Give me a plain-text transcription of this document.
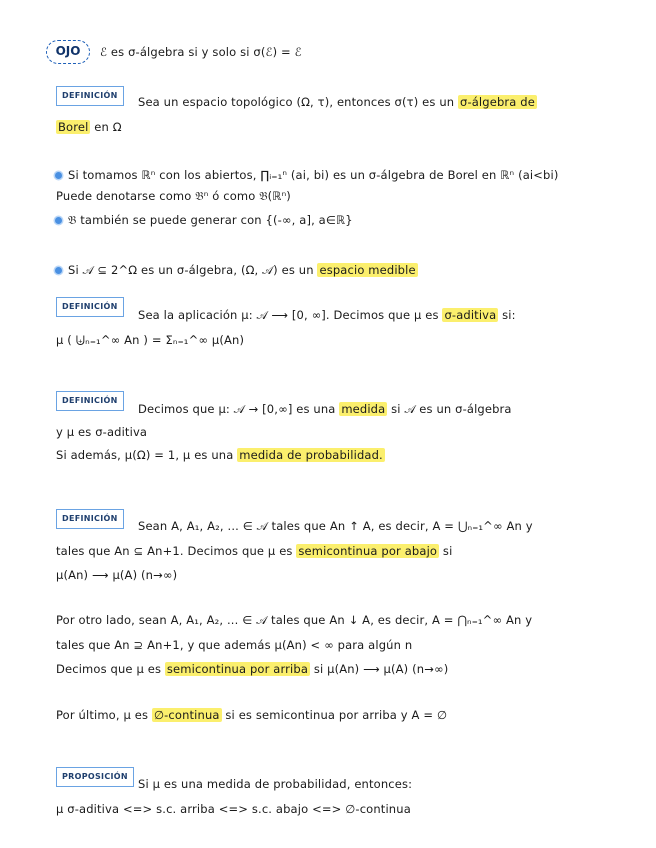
OJO	ℰ es σ-álgebra si y solo si σ(ℰ) = ℰ
DEFINICIÓN	Sea un espacio topológico (Ω, τ), entonces σ(τ) es un σ-álgebra de
Borel en Ω
Si tomamos ℝⁿ con los abiertos, ∏ᵢ₌₁ⁿ (ai, bi) es un σ-álgebra de Borel en ℝⁿ (ai<bi)
Puede denotarse como 𝔅ⁿ ó como 𝔅(ℝⁿ)
𝔅 también se puede generar con {(-∞, a], a∈ℝ}
Si 𝒜 ⊆ 2^Ω es un σ-álgebra, (Ω, 𝒜) es un espacio medible
DEFINICIÓN
Sea la aplicación μ: 𝒜 ⟶ [0, ∞]. Decimos que μ es σ-aditiva si:
μ ( ⨄ₙ₌₁^∞ An ) = Σₙ₌₁^∞ μ(An)
DEFINICIÓN
Decimos que μ: 𝒜 → [0,∞] es una medida si 𝒜 es un σ-álgebra
y μ es σ-aditiva
Si además, μ(Ω) = 1, μ es una medida de probabilidad.
DEFINICIÓN
Sean A, A₁, A₂, ... ∈ 𝒜 tales que An ↑ A, es decir, A = ⋃ₙ₌₁^∞ An y
tales que An ⊆ An+1. Decimos que μ es semicontinua por abajo si
μ(An) ⟶ μ(A) (n→∞)
Por otro lado, sean A, A₁, A₂, ... ∈ 𝒜 tales que An ↓ A, es decir, A = ⋂ₙ₌₁^∞ An y
tales que An ⊇ An+1, y que además μ(An) < ∞ para algún n
Decimos que μ es semicontinua por arriba si μ(An) ⟶ μ(A) (n→∞)
Por último, μ es ∅-continua si es semicontinua por arriba y A = ∅
PROPOSICIÓN
Si μ es una medida de probabilidad, entonces:
μ σ-aditiva <=> s.c. arriba <=> s.c. abajo <=> ∅-continua
